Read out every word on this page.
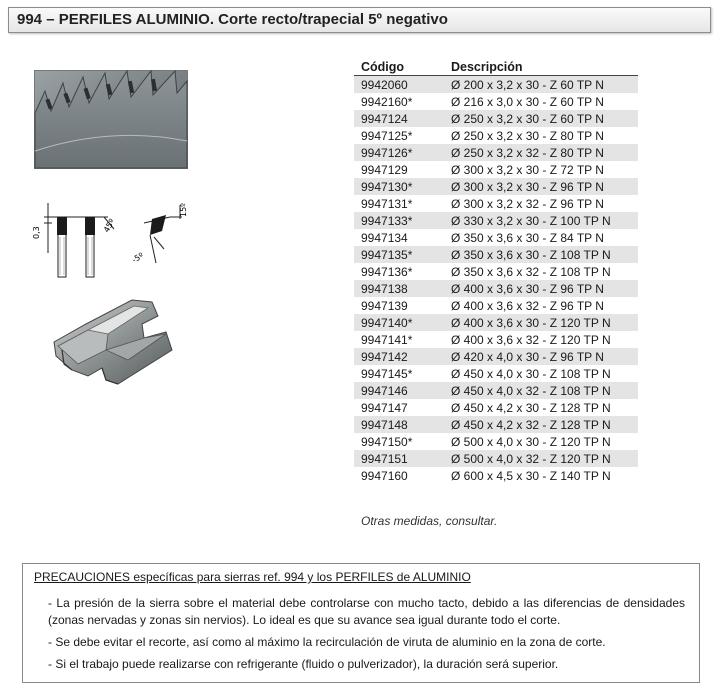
994 – PERFILES ALUMINIO. Corte recto/trapecial 5º negativo
0,3	45º
15º
-5º
Código	Descripción
9942060	Ø 200 x 3,2 x 30 - Z 60 TP N
9942160*	Ø 216 x 3,0 x 30 - Z 60 TP N
9947124	Ø 250 x 3,2 x 30 - Z 60 TP N
9947125*	Ø 250 x 3,2 x 30 - Z 80 TP N
9947126*	Ø 250 x 3,2 x 32 - Z 80 TP N
9947129	Ø 300 x 3,2 x 30 - Z 72 TP N
9947130*	Ø 300 x 3,2 x 30 - Z 96 TP N
9947131*	Ø 300 x 3,2 x 32 - Z 96 TP N
9947133*	Ø 330 x 3,2 x 30 - Z 100 TP N
9947134	Ø 350 x 3,6 x 30 - Z 84 TP N
9947135*	Ø 350 x 3,6 x 30 - Z 108 TP N
9947136*	Ø 350 x 3,6 x 32 - Z 108 TP N
9947138	Ø 400 x 3,6 x 30 - Z 96 TP N
9947139	Ø 400 x 3,6 x 32 - Z 96 TP N
9947140*	Ø 400 x 3,6 x 30 - Z 120 TP N
9947141*	Ø 400 x 3,6 x 32 - Z 120 TP N
9947142	Ø 420 x 4,0 x 30 - Z 96 TP N
9947145*	Ø 450 x 4,0 x 30 - Z 108 TP N
9947146	Ø 450 x 4,0 x 32 - Z 108 TP N
9947147	Ø 450 x 4,2 x 30 - Z 128 TP N
9947148	Ø 450 x 4,2 x 32 - Z 128 TP N
9947150*	Ø 500 x 4,0 x 30 - Z 120 TP N
9947151	Ø 500 x 4,0 x 32 - Z 120 TP N
9947160	Ø 600 x 4,5 x 30 - Z 140 TP N
Otras medidas, consultar.
PRECAUCIONES específicas para sierras ref. 994 y los PERFILES de ALUMINIO
- La presión de la sierra sobre el material debe controlarse con mucho tacto, debido a las diferencias de densidades (zonas nervadas y zonas sin nervios). Lo ideal es que su avance sea igual durante todo el corte.
- Se debe evitar el recorte, así como al máximo la recirculación de viruta de aluminio en la zona de corte.
- Si el trabajo puede realizarse con refrigerante (fluido o pulverizador), la duración será superior.
